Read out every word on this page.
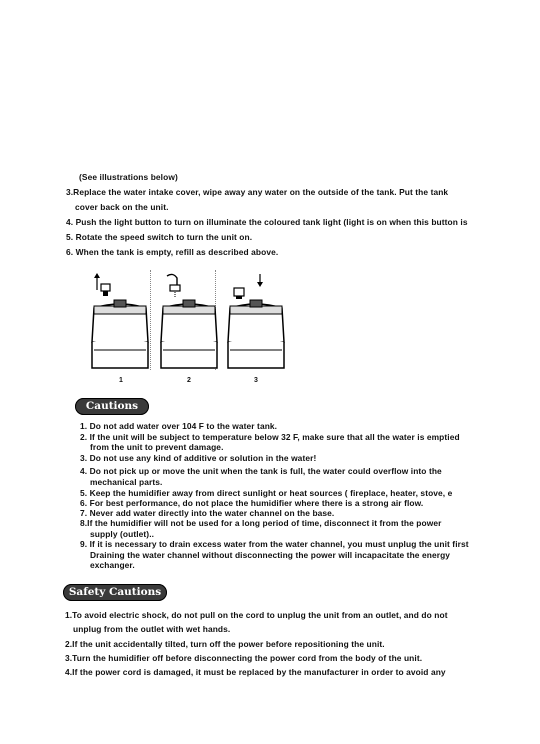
(See illustrations below)
3.Replace the water intake cover, wipe away any water on the outside of the tank. Put the tank
cover back on the unit.
4. Push the light button to turn on illuminate the coloured tank light (light is on when this button is
5. Rotate the speed switch to turn the unit on.
6. When the tank is empty, refill as described above.
1	2	3
Cautions
1. Do not add water over 104 F to the water tank.
2. If the unit will be subject to temperature below 32 F, make sure that all the water is emptied
from the unit to prevent damage.
3. Do not use any kind of additive or solution in the water!
4. Do not pick up or move the unit when the tank is full, the water could overflow into the
mechanical parts.
5. Keep the humidifier away from direct sunlight or heat sources ( fireplace, heater, stove, e
6. For best performance, do not place the humidifier where there is a strong air flow.
7. Never add water directly into the water channel on the base.
8.If the humidifier will not be used for a long period of time, disconnect it from the power
supply (outlet)..
9. If it is necessary to drain excess water from the water channel, you must unplug the unit first
Draining the water channel without disconnecting the power will incapacitate the energy
exchanger.
Safety Cautions
1.To avoid electric shock, do not pull on the cord to unplug the unit from an outlet, and do not
unplug from the outlet with wet hands.
2.If the unit accidentally tilted, turn off the power before repositioning the unit.
3.Turn the humidifier off before disconnecting the power cord from the body of the unit.
4.If the power cord is damaged, it must be replaced by the manufacturer in order to avoid any
